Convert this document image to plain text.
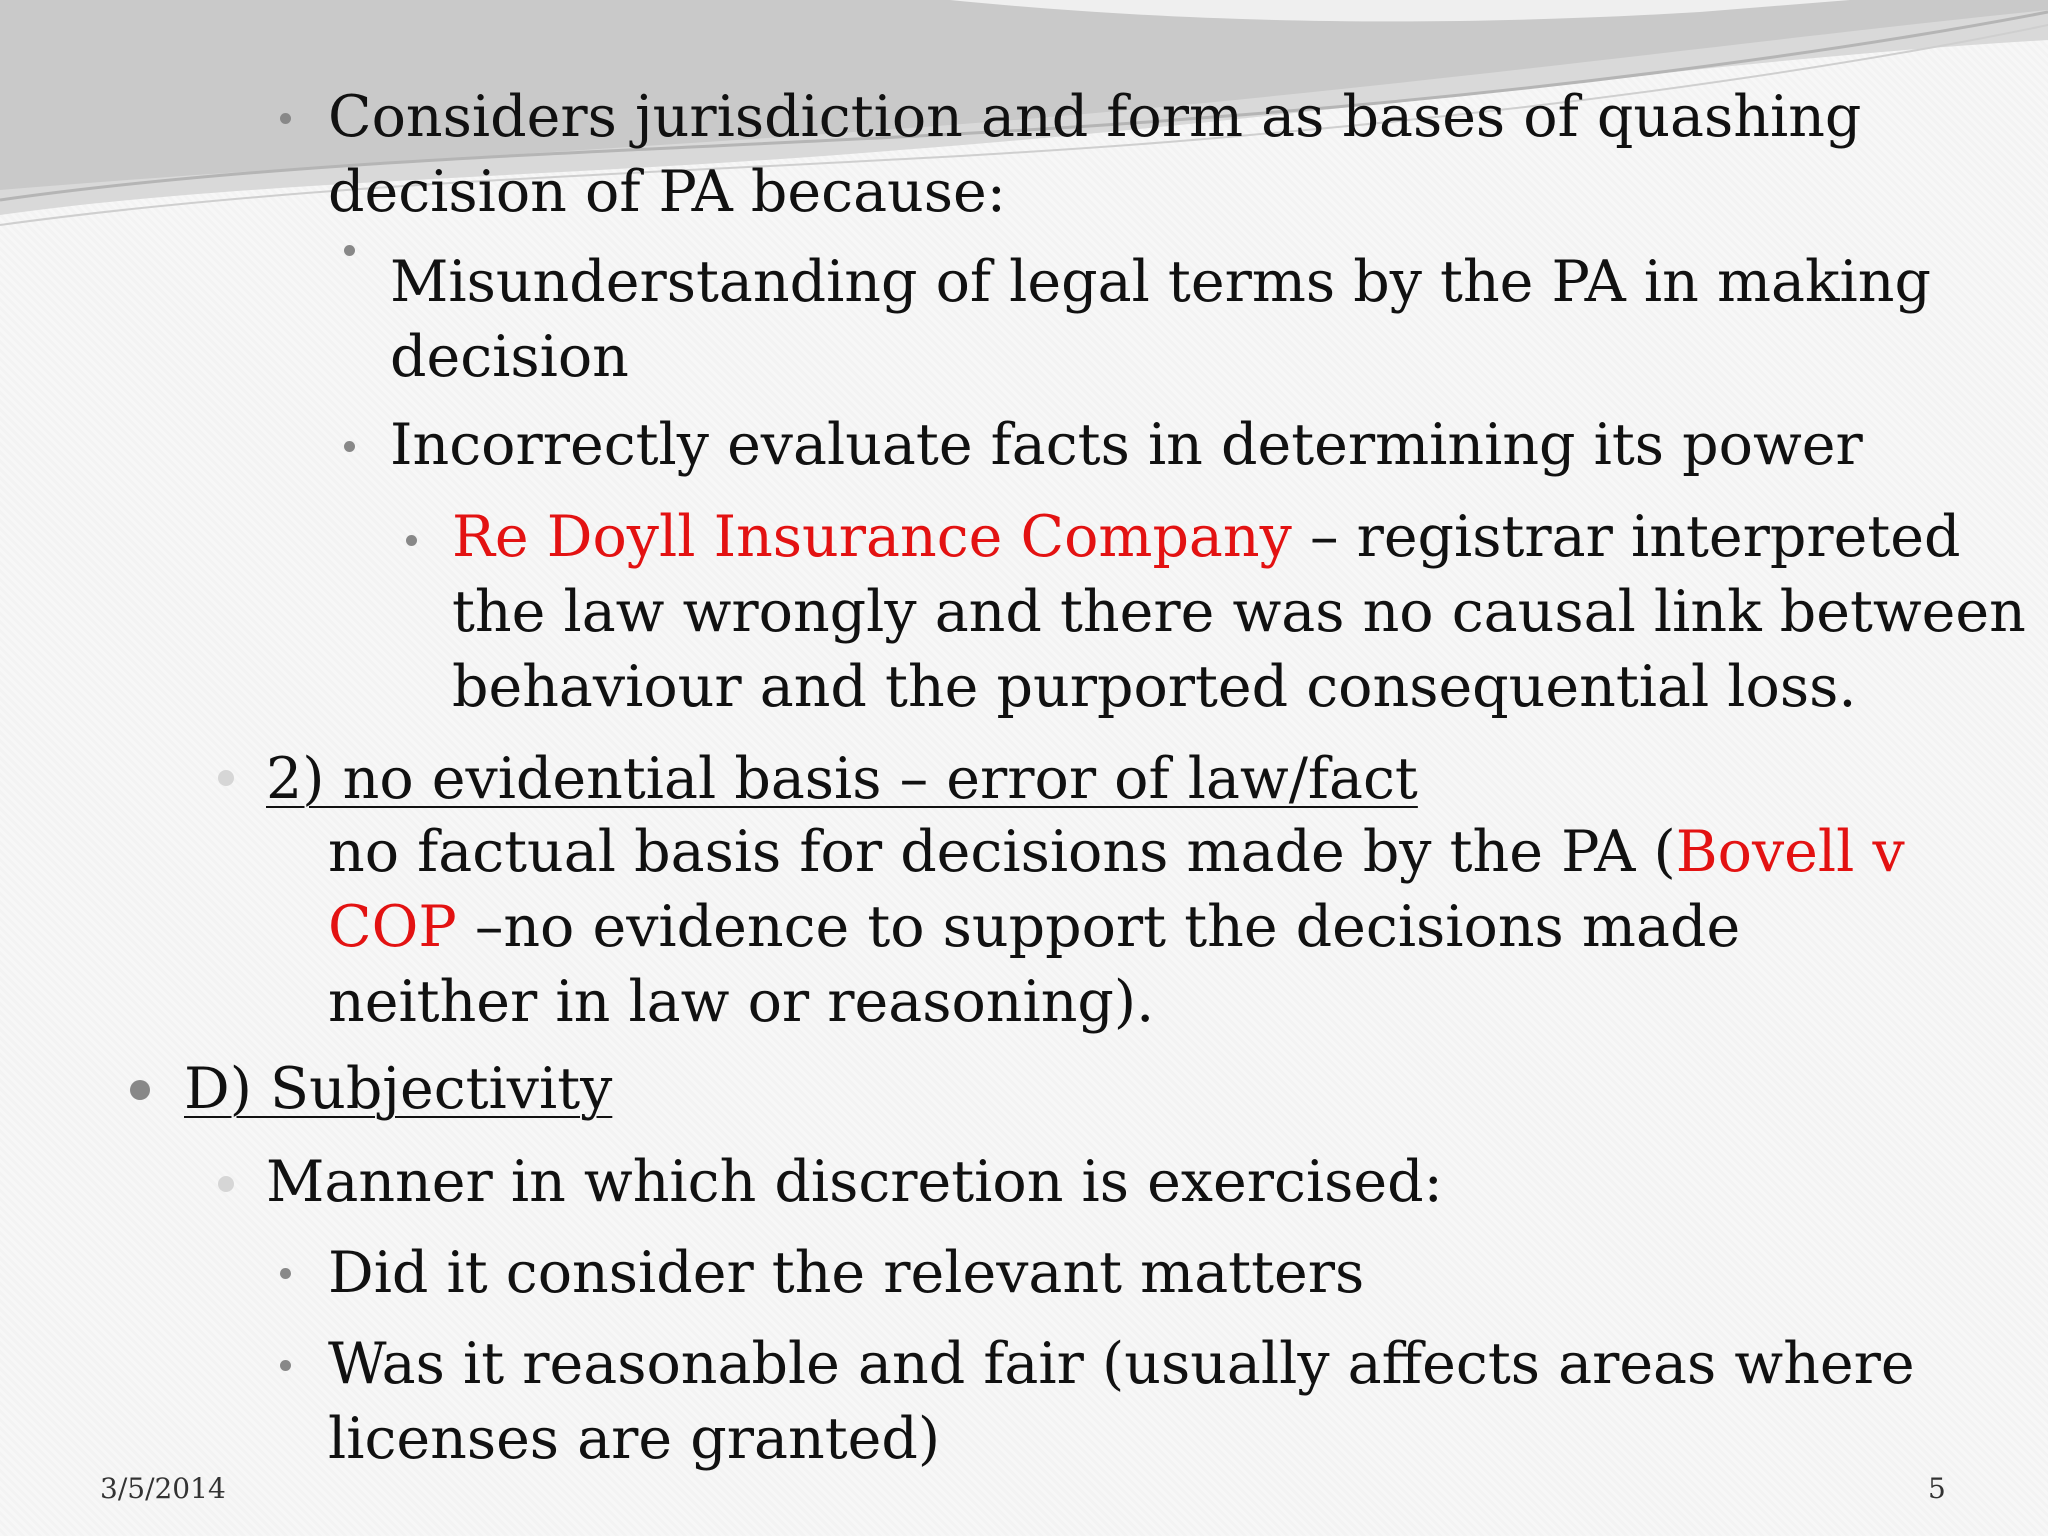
Considers jurisdiction and form as bases of quashing
decision of PA because:
Misunderstanding of legal terms by the PA in making
decision
Incorrectly evaluate facts in determining its power
Re Doyll Insurance Company – registrar interpreted
the law wrongly and there was no causal link between
behaviour and the purported consequential loss.
2) no evidential basis – error of law/fact
no factual basis for decisions made by the PA (Bovell v
COP –no evidence to support the decisions made
neither in law or reasoning).
D) Subjectivity
Manner in which discretion is exercised:
Did it consider the relevant matters
Was it reasonable and fair (usually affects areas where
licenses are granted)
3/5/2014	5
